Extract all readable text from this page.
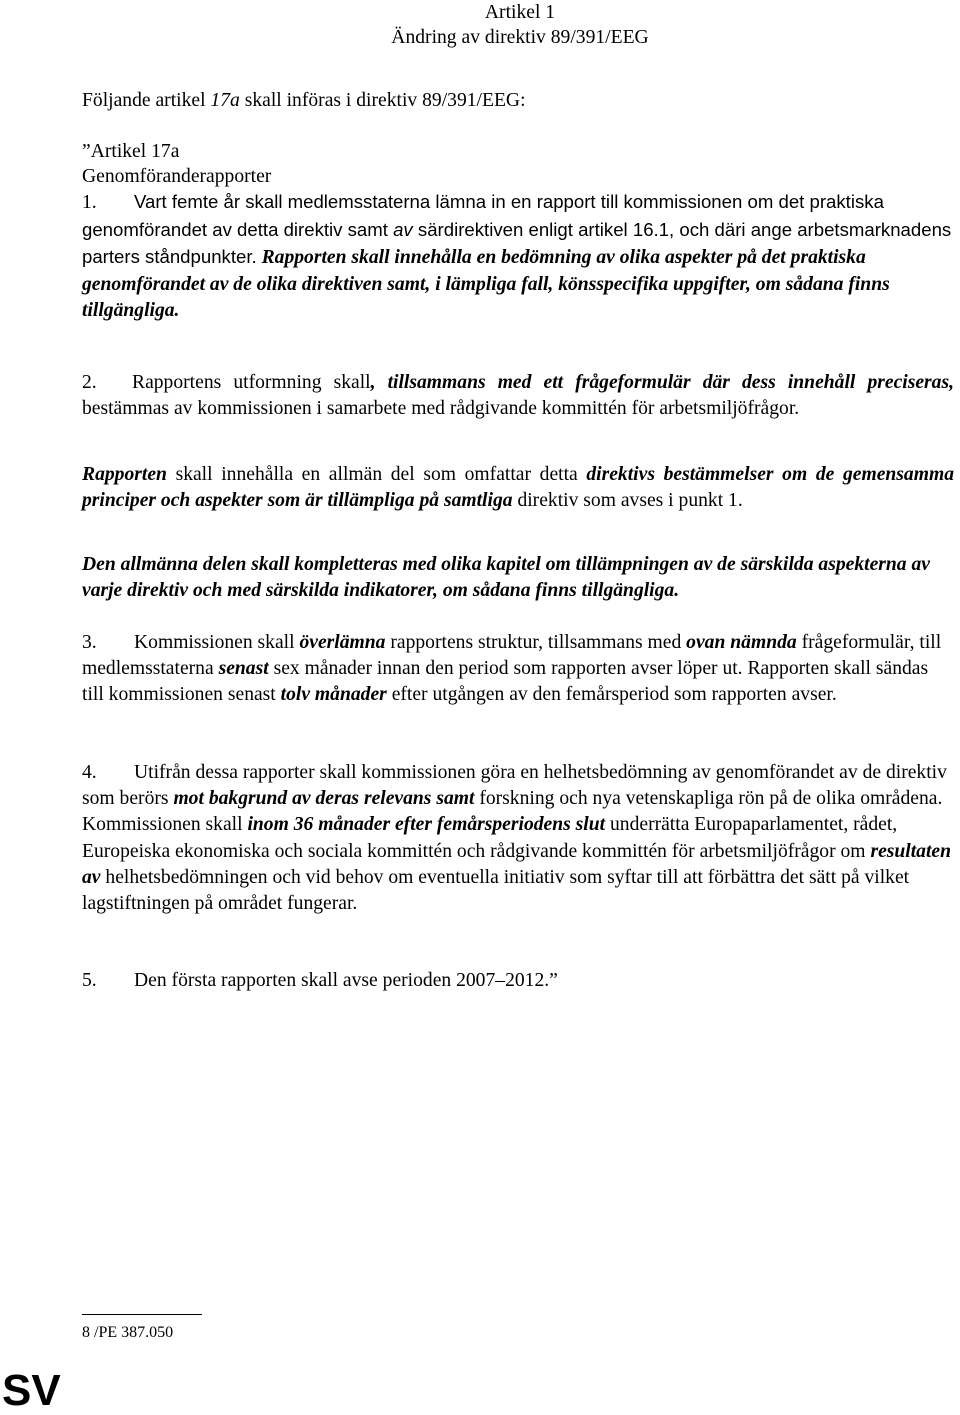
Artikel 1
Ändring av direktiv 89/391/EEG
Följande artikel 17a skall införas i direktiv 89/391/EEG:
”Artikel 17a
Genomföranderapporter
1. Vart femte år skall medlemsstaterna lämna in en rapport till kommissionen om det praktiska genomförandet av detta direktiv samt av särdirektiven enligt artikel 16.1, och däri ange arbetsmarknadens parters ståndpunkter. Rapporten skall innehålla en bedömning av olika aspekter på det praktiska genomförandet av de olika direktiven samt, i lämpliga fall, könsspecifika uppgifter, om sådana finns tillgängliga.
2. Rapportens utformning skall, tillsammans med ett frågeformulär där dess innehåll preciseras, bestämmas av kommissionen i samarbete med rådgivande kommittén för arbetsmiljöfrågor.
Rapporten skall innehålla en allmän del som omfattar detta direktivs bestämmelser om de gemensamma principer och aspekter som är tillämpliga på samtliga direktiv som avses i punkt 1.
Den allmänna delen skall kompletteras med olika kapitel om tillämpningen av de särskilda aspekterna av varje direktiv och med särskilda indikatorer, om sådana finns tillgängliga.
3. Kommissionen skall överlämna rapportens struktur, tillsammans med ovan nämnda frågeformulär, till medlemsstaterna senast sex månader innan den period som rapporten avser löper ut. Rapporten skall sändas till kommissionen senast tolv månader efter utgången av den femårsperiod som rapporten avser.
4. Utifrån dessa rapporter skall kommissionen göra en helhetsbedömning av genomförandet av de direktiv som berörs mot bakgrund av deras relevans samt forskning och nya vetenskapliga rön på de olika områdena. Kommissionen skall inom 36 månader efter femårsperiodens slut underrätta Europaparlamentet, rådet, Europeiska ekonomiska och sociala kommittén och rådgivande kommittén för arbetsmiljöfrågor om resultaten av helhetsbedömningen och vid behov om eventuella initiativ som syftar till att förbättra det sätt på vilket lagstiftningen på området fungerar.
5. Den första rapporten skall avse perioden 2007–2012.”
8 /PE 387.050
SV
